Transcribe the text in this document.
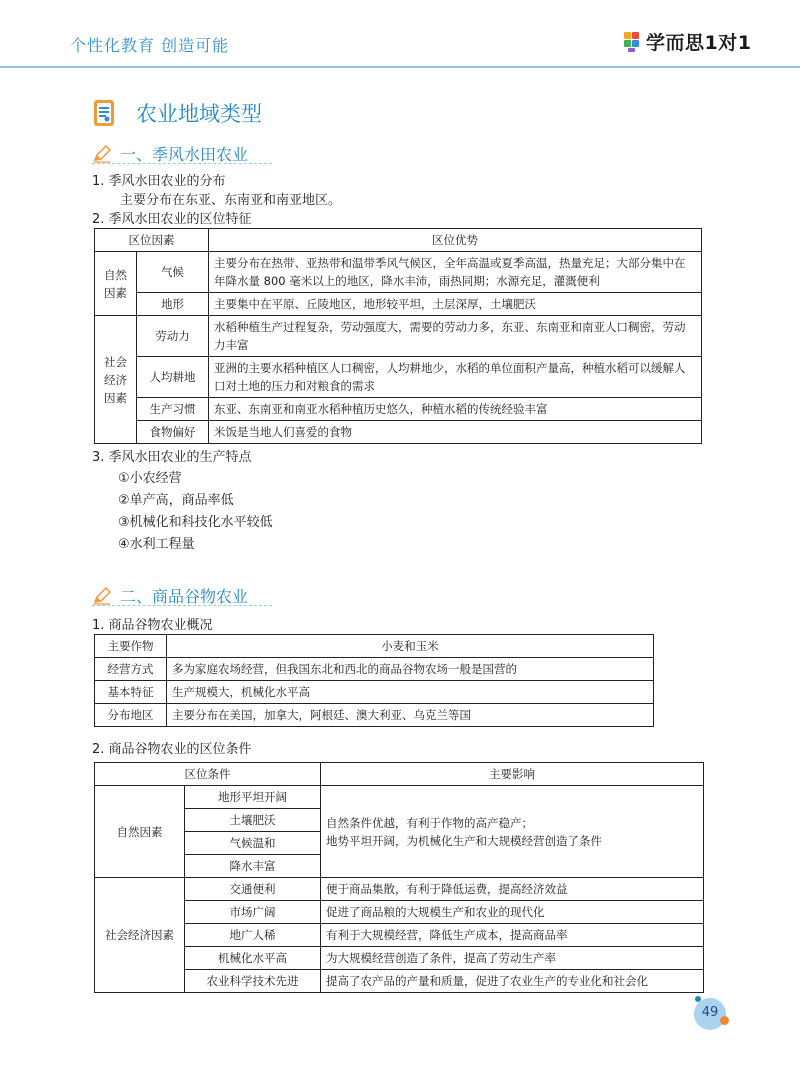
个性化教育 创造可能	学而思1对1
农业地域类型
一、季风水田农业
1. 季风水田农业的分布
主要分布在东亚、东南亚和南亚地区。
2. 季风水田农业的区位特征
区位因素		区位优势
自然因素	气候	主要分布在热带、亚热带和温带季风气候区，全年高温或夏季高温，热量充足；大部分集中在年降水量 800 毫米以上的地区，降水丰沛，雨热同期；水源充足，灌溉便利
	地形	主要集中在平原、丘陵地区，地形较平坦，土层深厚，土壤肥沃
社会经济因素	劳动力	水稻种植生产过程复杂，劳动强度大，需要的劳动力多，东亚、东南亚和南亚人口稠密，劳动力丰富
	人均耕地	亚洲的主要水稻种植区人口稠密，人均耕地少，水稻的单位面积产量高，种植水稻可以缓解人口对土地的压力和对粮食的需求
	生产习惯	东亚、东南亚和南亚水稻种植历史悠久，种植水稻的传统经验丰富
	食物偏好	米饭是当地人们喜爱的食物
3. 季风水田农业的生产特点
①小农经营
②单产高，商品率低
③机械化和科技化水平较低
④水利工程量
二、商品谷物农业
1. 商品谷物农业概况
主要作物	小麦和玉米
经营方式	多为家庭农场经营，但我国东北和西北的商品谷物农场一般是国营的
基本特征	生产规模大，机械化水平高
分布地区	主要分布在美国，加拿大，阿根廷、澳大利亚、乌克兰等国
2. 商品谷物农业的区位条件
区位条件		主要影响
自然因素	地形平坦开阔	自然条件优越，有利于作物的高产稳产；
地势平坦开阔，为机械化生产和大规模经营创造了条件

	土壤肥沃	
	气候温和	
	降水丰富	
社会经济因素	交通便利	便于商品集散，有利于降低运费，提高经济效益
	市场广阔	促进了商品粮的大规模生产和农业的现代化
	地广人稀	有利于大规模经营，降低生产成本，提高商品率
	机械化水平高	为大规模经营创造了条件，提高了劳动生产率
	农业科学技术先进	提高了农产品的产量和质量，促进了农业生产的专业化和社会化
49
